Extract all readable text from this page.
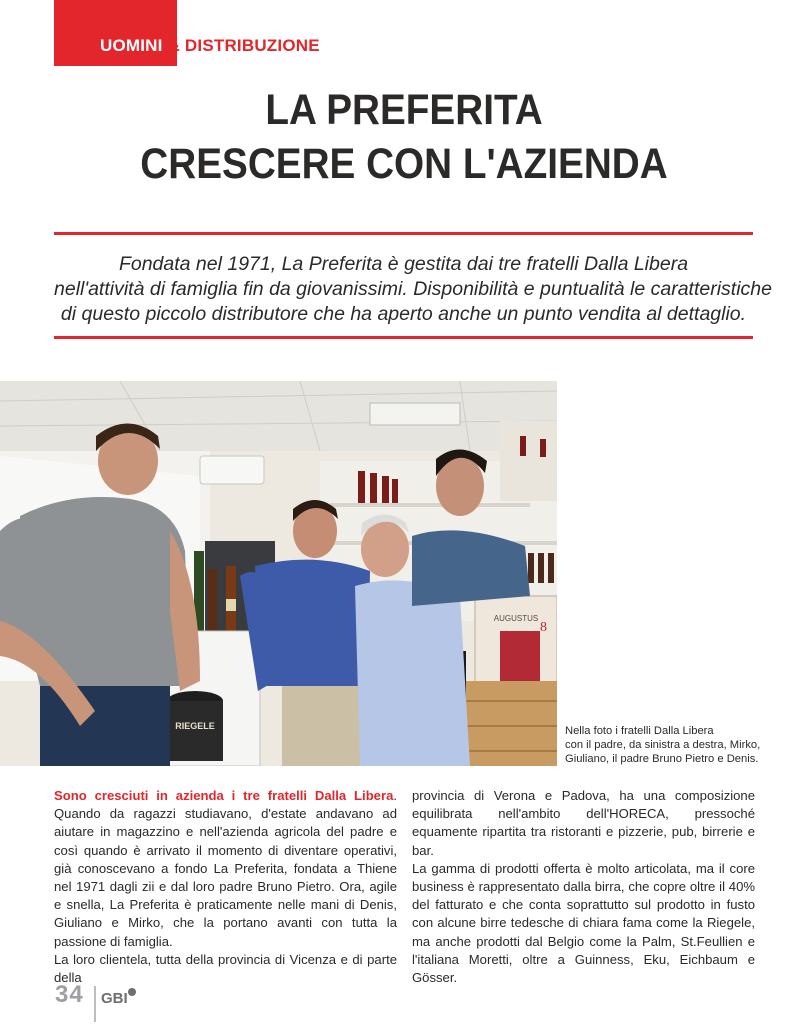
UOMINI & DISTRIBUZIONE
LA PREFERITA
CRESCERE CON L'AZIENDA
Fondata nel 1971, La Preferita è gestita dai tre fratelli Dalla Libera
nell'attività di famiglia fin da giovanissimi. Disponibilità e puntualità le caratteristiche
di questo piccolo distributore che ha aperto anche un punto vendita al dettaglio.
RIEGELE
AUGUSTUS
8
Nella foto i fratelli Dalla Libera
con il padre, da sinistra a destra, Mirko,
Giuliano, il padre Bruno Pietro e Denis.

Sono cresciuti in azienda i tre fratelli Dalla Libera. Quando da ragazzi studiavano, d'estate andavano ad aiutare in magazzino e nell'azienda agricola del padre e così quando è arrivato il momento di diventare operativi, già conoscevano a fondo La Preferita, fondata a Thiene nel 1971 dagli zii e dal loro padre Bruno Pietro. Ora, agile e snella, La Preferita è praticamente nelle mani di Denis, Giuliano e Mirko, che la portano avanti con tutta la passione di famiglia.

La loro clientela, tutta della provincia di Vicenza e di parte della

provincia di Verona e Padova, ha una composizione equilibrata nell'ambito dell'HORECA, pressoché equamente ripartita tra ristoranti e pizzerie, pub, birrerie e bar.

La gamma di prodotti offerta è molto articolata, ma il core business è rappresentato dalla birra, che copre oltre il 40% del fatturato e che conta soprattutto sul prodotto in fusto con alcune birre tedesche di chiara fama come la Riegele, ma anche prodotti dal Belgio come la Palm, St.Feullien e l'italiana Moretti, oltre a Guinness, Eku, Eichbaum e Gösser.

34 GBI
